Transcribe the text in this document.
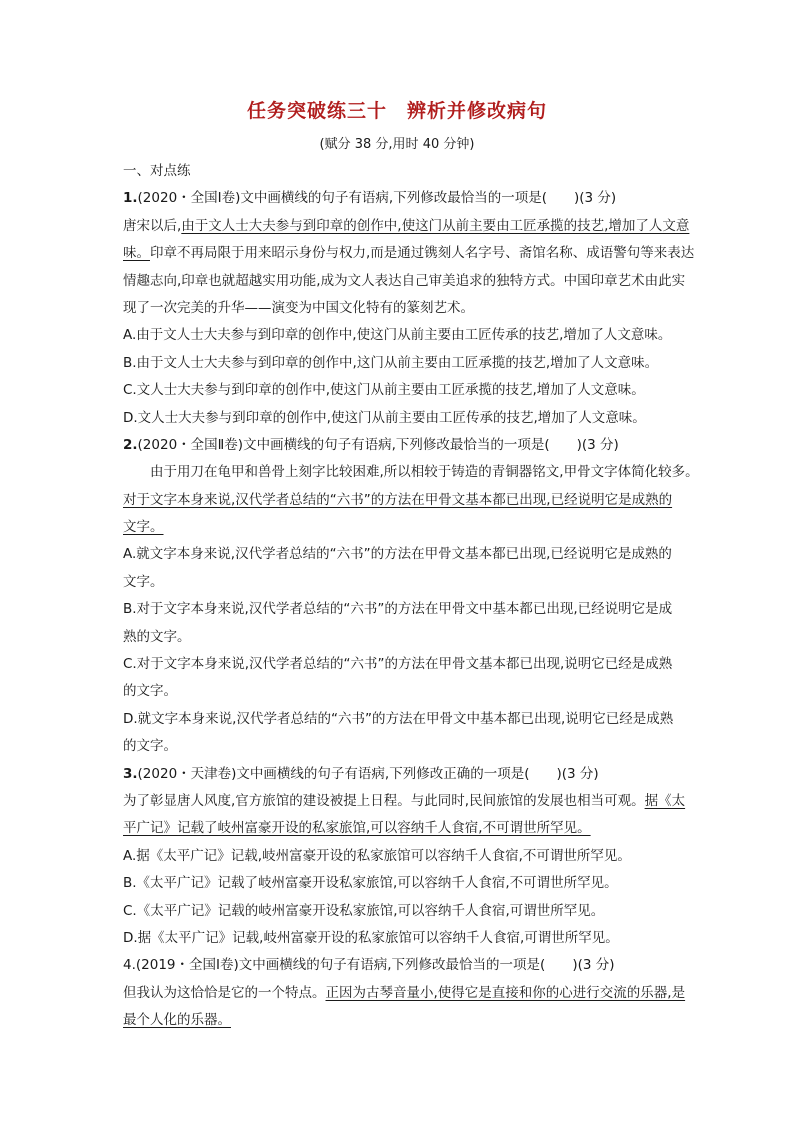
任务突破练三十　辨析并修改病句
(赋分 38 分,用时 40 分钟)
一、对点练
1.(2020・全国Ⅰ卷)文中画横线的句子有语病,下列修改最恰当的一项是(　　)(3 分)
唐宋以后,由于文人士大夫参与到印章的创作中,使这门从前主要由工匠承揽的技艺,增加了人文意
味。印章不再局限于用来昭示身份与权力,而是通过镌刻人名字号、斋馆名称、成语警句等来表达
情趣志向,印章也就超越实用功能,成为文人表达自己审美追求的独特方式。中国印章艺术由此实
现了一次完美的升华——演变为中国文化特有的篆刻艺术。
A.由于文人士大夫参与到印章的创作中,使这门从前主要由工匠传承的技艺,增加了人文意味。
B.由于文人士大夫参与到印章的创作中,这门从前主要由工匠承揽的技艺,增加了人文意味。
C.文人士大夫参与到印章的创作中,使这门从前主要由工匠承揽的技艺,增加了人文意味。
D.文人士大夫参与到印章的创作中,使这门从前主要由工匠传承的技艺,增加了人文意味。
2.(2020・全国Ⅱ卷)文中画横线的句子有语病,下列修改最恰当的一项是(　　)(3 分)
由于用刀在龟甲和兽骨上刻字比较困难,所以相较于铸造的青铜器铭文,甲骨文字体简化较多。
对于文字本身来说,汉代学者总结的“六书”的方法在甲骨文基本都已出现,已经说明它是成熟的
文字。
A.就文字本身来说,汉代学者总结的“六书”的方法在甲骨文基本都已出现,已经说明它是成熟的
文字。
B.对于文字本身来说,汉代学者总结的“六书”的方法在甲骨文中基本都已出现,已经说明它是成
熟的文字。
C.对于文字本身来说,汉代学者总结的“六书”的方法在甲骨文基本都已出现,说明它已经是成熟
的文字。
D.就文字本身来说,汉代学者总结的“六书”的方法在甲骨文中基本都已出现,说明它已经是成熟
的文字。
3.(2020・天津卷)文中画横线的句子有语病,下列修改正确的一项是(　　)(3 分)
为了彰显唐人风度,官方旅馆的建设被提上日程。与此同时,民间旅馆的发展也相当可观。据《太
平广记》记载了岐州富豪开设的私家旅馆,可以容纳千人食宿,不可谓世所罕见。
A.据《太平广记》记载,岐州富豪开设的私家旅馆可以容纳千人食宿,不可谓世所罕见。
B.《太平广记》记载了岐州富豪开设私家旅馆,可以容纳千人食宿,不可谓世所罕见。
C.《太平广记》记载的岐州富豪开设私家旅馆,可以容纳千人食宿,可谓世所罕见。
D.据《太平广记》记载,岐州富豪开设的私家旅馆可以容纳千人食宿,可谓世所罕见。
4.(2019・全国Ⅰ卷)文中画横线的句子有语病,下列修改最恰当的一项是(　　)(3 分)
但我认为这恰恰是它的一个特点。正因为古琴音量小,使得它是直接和你的心进行交流的乐器,是
最个人化的乐器。
